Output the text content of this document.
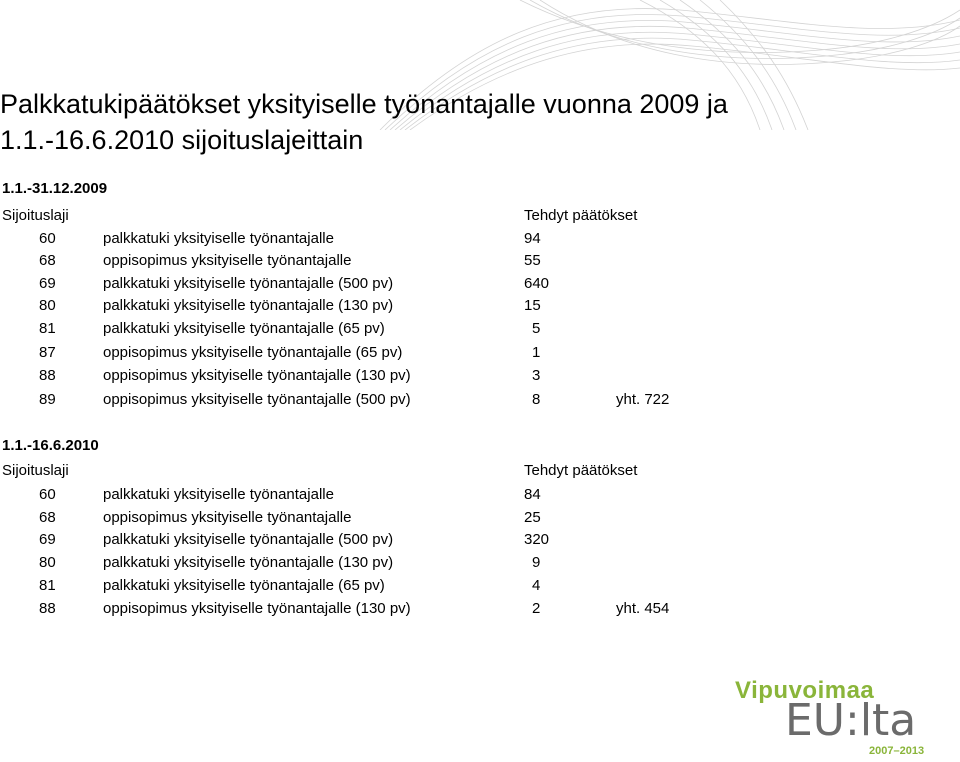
Palkkatukipäätökset yksityiselle työnantajalle vuonna 2009 ja 1.1.-16.6.2010 sijoituslajeittain
1.1.-31.12.2009
Sijoituslaji	Tehdyt päätökset
60	palkkatuki yksityiselle työnantajalle	94
68	oppisopimus yksityiselle työnantajalle	55
69	palkkatuki yksityiselle työnantajalle (500 pv)	640
80	palkkatuki yksityiselle työnantajalle (130 pv)	15
81	palkkatuki yksityiselle työnantajalle (65 pv)	5
87	oppisopimus yksityiselle työnantajalle (65 pv)	1
88	oppisopimus yksityiselle työnantajalle (130 pv)	3
89	oppisopimus yksityiselle työnantajalle (500 pv)	8	yht. 722
1.1.-16.6.2010
Sijoituslaji	Tehdyt päätökset
60	palkkatuki yksityiselle työnantajalle	84
68	oppisopimus yksityiselle työnantajalle	25
69	palkkatuki yksityiselle työnantajalle (500 pv)	320
80	palkkatuki yksityiselle työnantajalle (130 pv)	9
81	palkkatuki yksityiselle työnantajalle (65 pv)	4
88	oppisopimus yksityiselle työnantajalle (130 pv)	2	yht. 454
Vipuvoimaa
EU:lta
2007–2013
